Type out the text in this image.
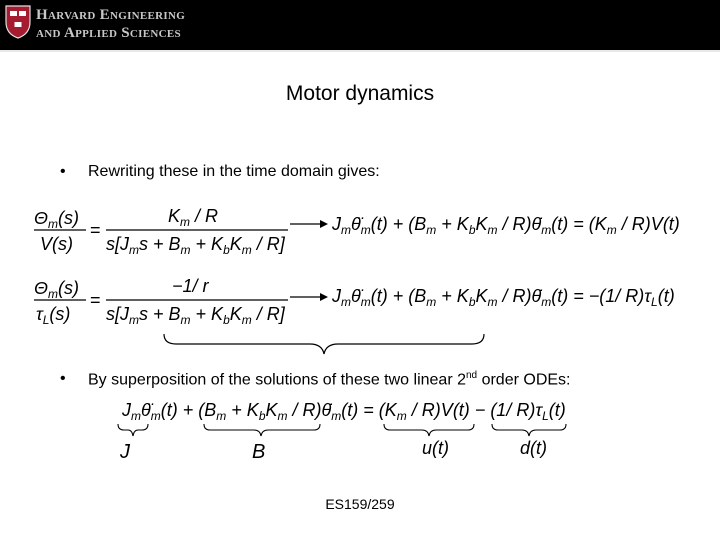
Harvard Engineering
and Applied Sciences
Motor dynamics
• Rewriting these in the time domain gives:
• By superposition of the solutions of these two linear 2nd order ODEs:
$\Theta_m(s)$
V(s)
=
$K_m$ / R
$s[J_ms + B_m + K_bK_m / R]$
$J_m\thetä_m(t) + (B_m + K_bK_m$ / $R)\thetȧ_m(t) = (K_m / R)V(t)$
$\Theta_m(s)$
$\tau_L(s)$
=
−1/ r
$s[J_ms + B_m + K_bK_m / R]$
$J_m\thetä_m(t) + (B_m + K_bK_m$ / $R)\thetȧ_m(t) = -(1/$ $R)\tau_L(t)$
$J_m\thetä_m(t) + (B_m + K_bK_m$ / $R)\thetȧ_m(t) = (K_m / R)V(t) - (1/$ $R)\tau_L(t)$
J	B	u(t)	d(t)
ES159/259
